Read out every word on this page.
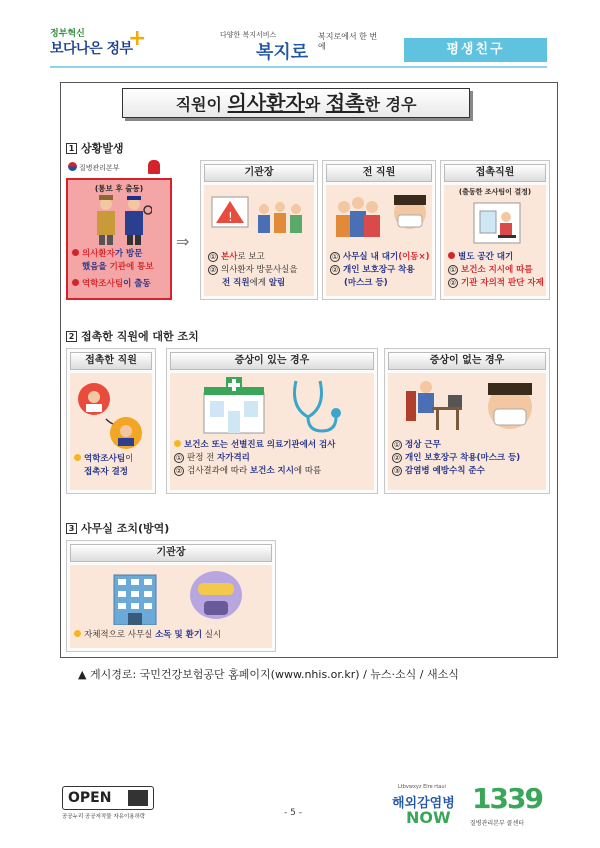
정부혁신
보다나은 정부
+	다양한 복지서비스
복지로
복지로에서 한 번에	평생친구
직원이 의사환자와 접촉한 경우
1 상황발생
질병관리본부
(통보 후 출동)
의사환자가 방문
했음을 기관에 통보
역학조사팀이 출동
⇒
기관장
!
① 본사로 보고
② 의사환자 방문사실을
전 직원에게 알림
전 직원
① 사무실 내 대기(이동×)
② 개인 보호장구 착용
(마스크 등)
접촉직원
(출동한 조사팀이 결정)
별도 공간 대기
① 보건소 지시에 따름
② 기관 자의적 판단 자제
2 접촉한 직원에 대한 조치
접촉한 직원
역학조사팀이
접촉자 결정
증상이 있는 경우
보건소 또는 선별진료 의료기관에서 검사
① 판정 전 자가격리
② 검사결과에 따라 보건소 지시에 따름
증상이 없는 경우
① 정상 근무
② 개인 보호장구 착용(마스크 등)
③ 감염병 예방수칙 준수
3 사무실 조치(방역)
기관장
자체적으로 사무실 소독 및 환기 실시
▲ 게시경로: 국민건강보험공단 홈페이지(www.nhis.or.kr) / 뉴스·소식 / 새소식
OPEN
공공누리 공공저작물 자유이용허락	- 5 -
Ltbvwxyz Elre rtaui
해외감염병
NOW
1339
질병관리본부 콜센터
